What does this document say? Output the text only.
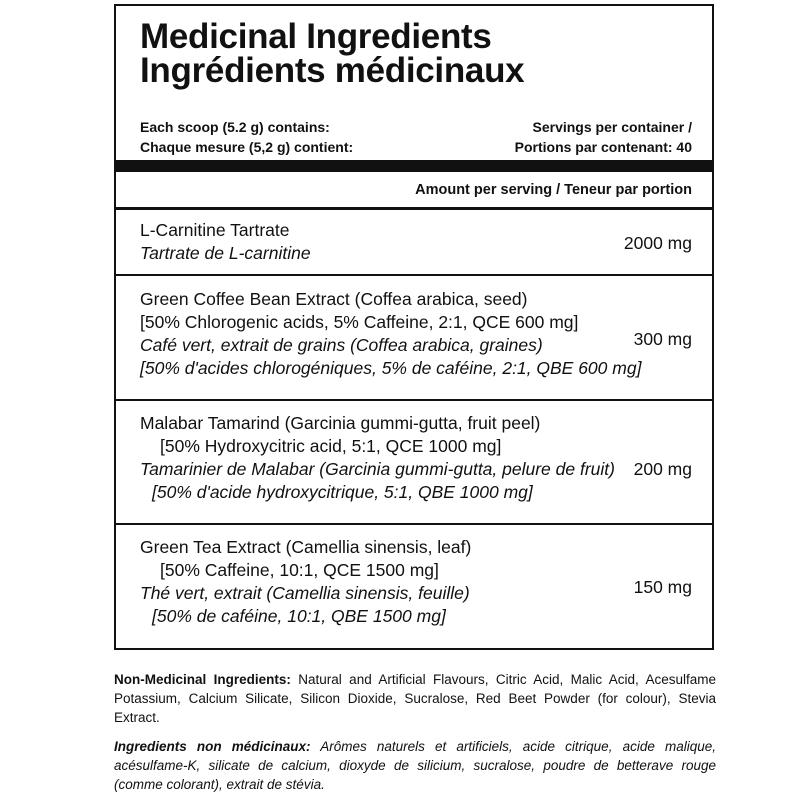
Medicinal Ingredients
Ingrédients médicinaux
Each scoop (5.2 g) contains:
Chaque mesure (5,2 g) contient:
Servings per container /
Portions par contenant: 40
Amount per serving / Teneur par portion
L-Carnitine Tartrate
Tartrate de L-carnitine	2000 mg
Green Coffee Bean Extract (Coffea arabica, seed)
[50% Chlorogenic acids, 5% Caffeine, 2:1, QCE 600 mg]
Café vert, extrait de grains (Coffea arabica, graines)
[50% d'acides chlorogéniques, 5% de caféine, 2:1, QBE 600 mg]
300 mg
Malabar Tamarind (Garcinia gummi-gutta, fruit peel)
[50% Hydroxycitric acid, 5:1, QCE 1000 mg]
Tamarinier de Malabar (Garcinia gummi-gutta, pelure de fruit)
[50% d'acide hydroxycitrique, 5:1, QBE 1000 mg]
200 mg
Green Tea Extract (Camellia sinensis, leaf)
[50% Caffeine, 10:1, QCE 1500 mg]
Thé vert, extrait (Camellia sinensis, feuille)
[50% de caféine, 10:1, QBE 1500 mg]
150 mg
Non-Medicinal Ingredients: Natural and Artificial Flavours, Citric Acid, Malic Acid, Acesulfame Potassium, Calcium Silicate, Silicon Dioxide, Sucralose, Red Beet Powder (for colour), Stevia Extract.
Ingredients non médicinaux: Arômes naturels et artificiels, acide citrique, acide malique, acésulfame-K, silicate de calcium, dioxyde de silicium, sucralose, poudre de betterave rouge (comme colorant), extrait de stévia.
